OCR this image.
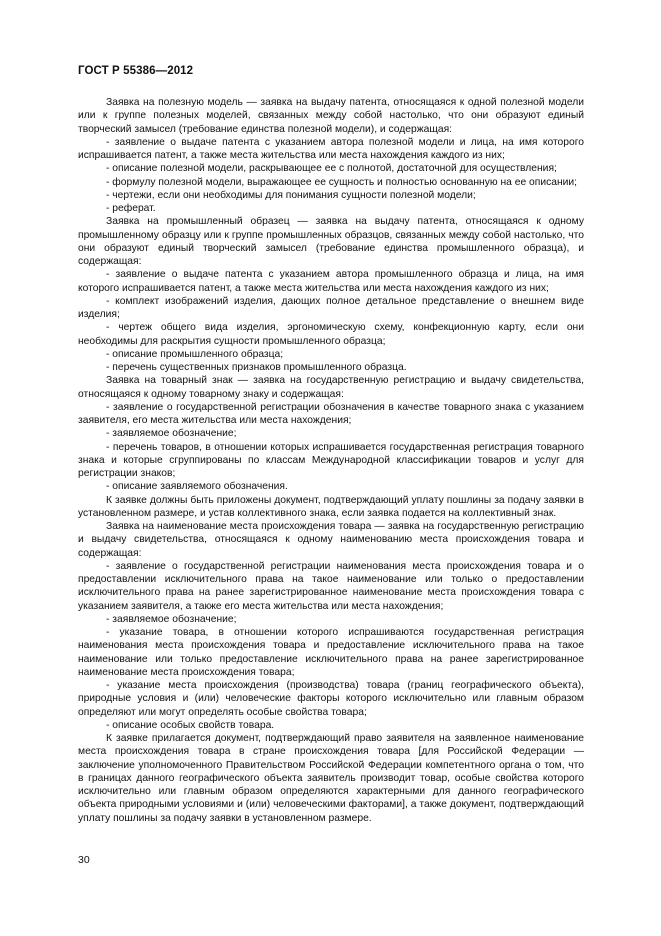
ГОСТ Р 55386—2012

Заявка на полезную модель — заявка на выдачу патента, относящаяся к одной полезной модели или к группе полезных моделей, связанных между собой настолько, что они образуют единый творческий замысел (требование единства полезной модели), и содержащая:

- заявление о выдаче патента с указанием автора полезной модели и лица, на имя которого испрашивается патент, а также места жительства или места нахождения каждого из них;

- описание полезной модели, раскрывающее ее с полнотой, достаточной для осуществления;

- формулу полезной модели, выражающее ее сущность и полностью основанную на ее описании;

- чертежи, если они необходимы для понимания сущности полезной модели;

- реферат.

Заявка на промышленный образец — заявка на выдачу патента, относящаяся к одному промышленному образцу или к группе промышленных образцов, связанных между собой настолько, что они образуют единый творческий замысел (требование единства промышленного образца), и содержащая:

- заявление о выдаче патента с указанием автора промышленного образца и лица, на имя которого испрашивается патент, а также места жительства или места нахождения каждого из них;

- комплект изображений изделия, дающих полное детальное представление о внешнем виде изделия;

- чертеж общего вида изделия, эргономическую схему, конфекционную карту, если они необходимы для раскрытия сущности промышленного образца;

- описание промышленного образца;

- перечень существенных признаков промышленного образца.

Заявка на товарный знак — заявка на государственную регистрацию и выдачу свидетельства, относящаяся к одному товарному знаку и содержащая:

- заявление о государственной регистрации обозначения в качестве товарного знака с указанием заявителя, его места жительства или места нахождения;

- заявляемое обозначение;

- перечень товаров, в отношении которых испрашивается государственная регистрация товарного знака и которые сгруппированы по классам Международной классификации товаров и услуг для регистрации знаков;

- описание заявляемого обозначения.

К заявке должны быть приложены документ, подтверждающий уплату пошлины за подачу заявки в установленном размере, и устав коллективного знака, если заявка подается на коллективный знак.

Заявка на наименование места происхождения товара — заявка на государственную регистрацию и выдачу свидетельства, относящаяся к одному наименованию места происхождения товара и содержащая:

- заявление о государственной регистрации наименования места происхождения товара и о предоставлении исключительного права на такое наименование или только о предоставлении исключительного права на ранее зарегистрированное наименование места происхождения товара с указанием заявителя, а также его места жительства или места нахождения;

- заявляемое обозначение;

- указание товара, в отношении которого испрашиваются государственная регистрация наименования места происхождения товара и предоставление исключительного права на такое наименование или только предоставление исключительного права на ранее зарегистрированное наименование места происхождения товара;

- указание места происхождения (производства) товара (границ географического объекта), природные условия и (или) человеческие факторы которого исключительно или главным образом определяют или могут определять особые свойства товара;

- описание особых свойств товара.

К заявке прилагается документ, подтверждающий право заявителя на заявленное наименование места происхождения товара в стране происхождения товара [для Российской Федерации — заключение уполномоченного Правительством Российской Федерации компетентного органа о том, что в границах данного географического объекта заявитель производит товар, особые свойства которого исключительно или главным образом определяются характерными для данного географического объекта природными условиями и (или) человеческими факторами], а также документ, подтверждающий уплату пошлины за подачу заявки в установленном размере.

30
